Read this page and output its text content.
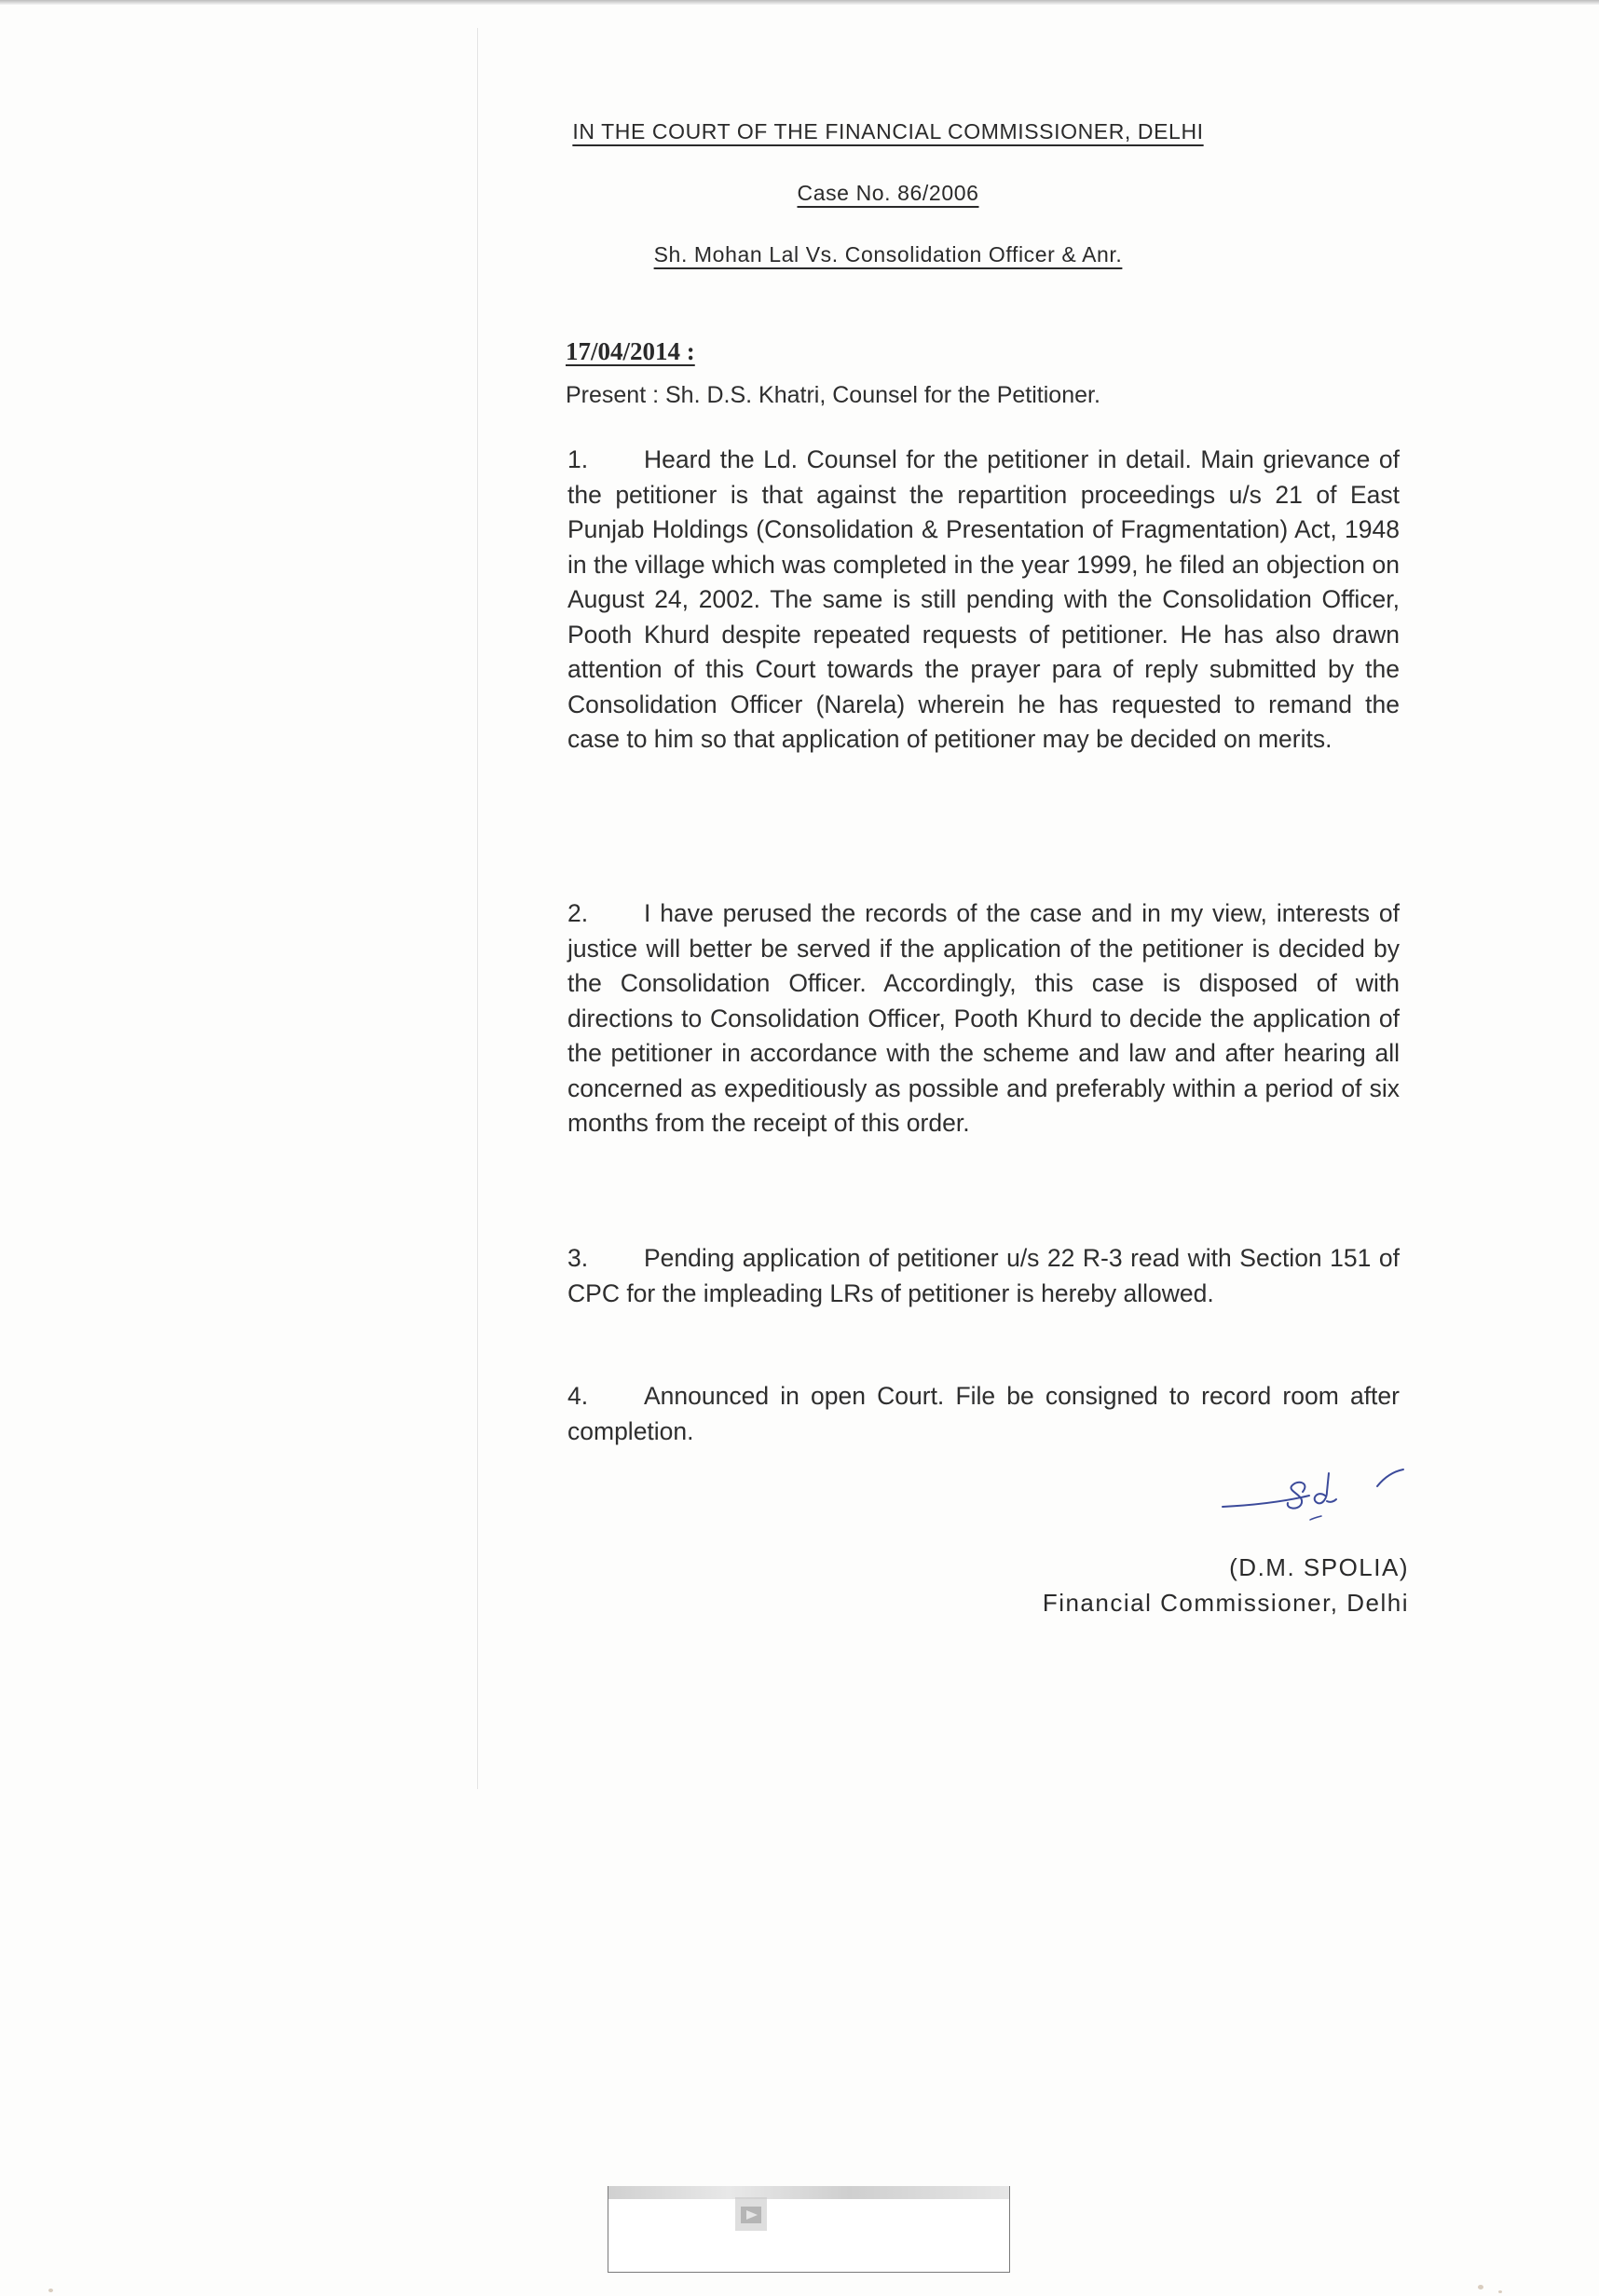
IN THE COURT OF THE FINANCIAL COMMISSIONER, DELHI
Case No. 86/2006
Sh. Mohan Lal Vs. Consolidation Officer & Anr.
17/04/2014 :
Present : Sh. D.S. Khatri, Counsel for the Petitioner.
1. Heard the Ld. Counsel for the petitioner in detail. Main grievance of the petitioner is that against the repartition proceedings u/s 21 of East Punjab Holdings (Consolidation & Presentation of Fragmentation) Act, 1948 in the village which was completed in the year 1999, he filed an objection on August 24, 2002. The same is still pending with the Consolidation Officer, Pooth Khurd despite repeated requests of petitioner. He has also drawn attention of this Court towards the prayer para of reply submitted by the Consolidation Officer (Narela) wherein he has requested to remand the case to him so that application of petitioner may be decided on merits.
2. I have perused the records of the case and in my view, interests of justice will better be served if the application of the petitioner is decided by the Consolidation Officer. Accordingly, this case is disposed of with directions to Consolidation Officer, Pooth Khurd to decide the application of the petitioner in accordance with the scheme and law and after hearing all concerned as expeditiously as possible and preferably within a period of six months from the receipt of this order.
3. Pending application of petitioner u/s 22 R-3 read with Section 151 of CPC for the impleading LRs of petitioner is hereby allowed.
4. Announced in open Court. File be consigned to record room after completion.
(D.M. SPOLIA)
Financial Commissioner, Delhi
